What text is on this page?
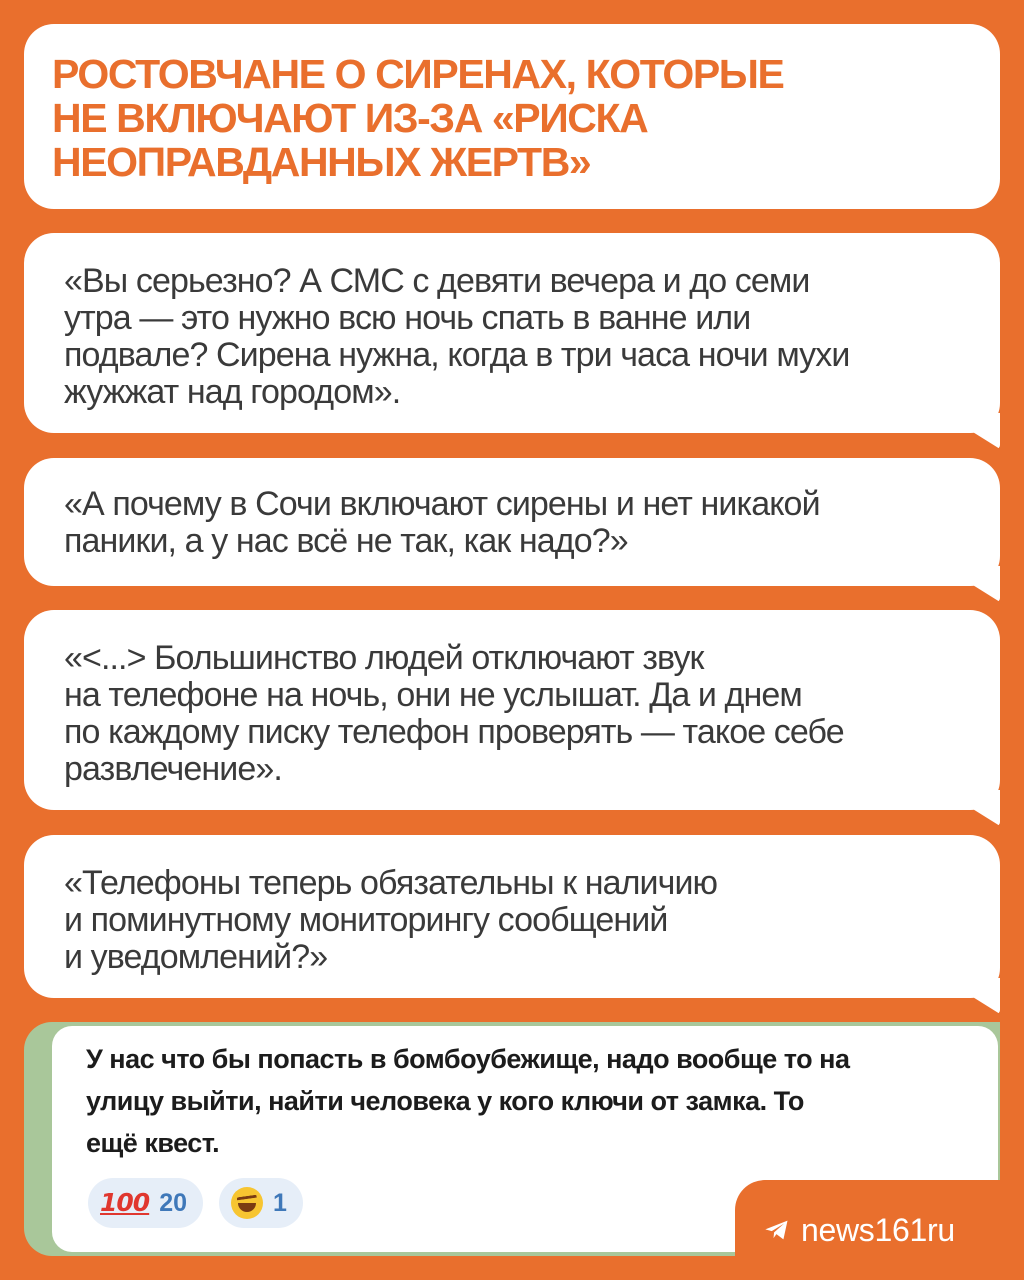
РОСТОВЧАНЕ О СИРЕНАХ, КОТОРЫЕ
НЕ ВКЛЮЧАЮТ ИЗ-ЗА «РИСКА
НЕОПРАВДАННЫХ ЖЕРТВ»

«Вы серьезно? А СМС с девяти вечера и до семи
утра — это нужно всю ночь спать в ванне или
подвале? Сирена нужна, когда в три часа ночи мухи
жужжат над городом».

«А почему в Сочи включают сирены и нет никакой
паники, а у нас всё не так, как надо?»

«<...> Большинство людей отключают звук
на телефоне на ночь, они не услышат. Да и днем
по каждому писку телефон проверять — такое себе
развлечение».

«Телефоны теперь обязательны к наличию
и поминутному мониторингу сообщений
и уведомлений?»

У нас что бы попасть в бомбоубежище, надо вообще то на
улицу выйти, найти человека у кого ключи от замка. То
ещё квест.

100 20	1
news161ru
